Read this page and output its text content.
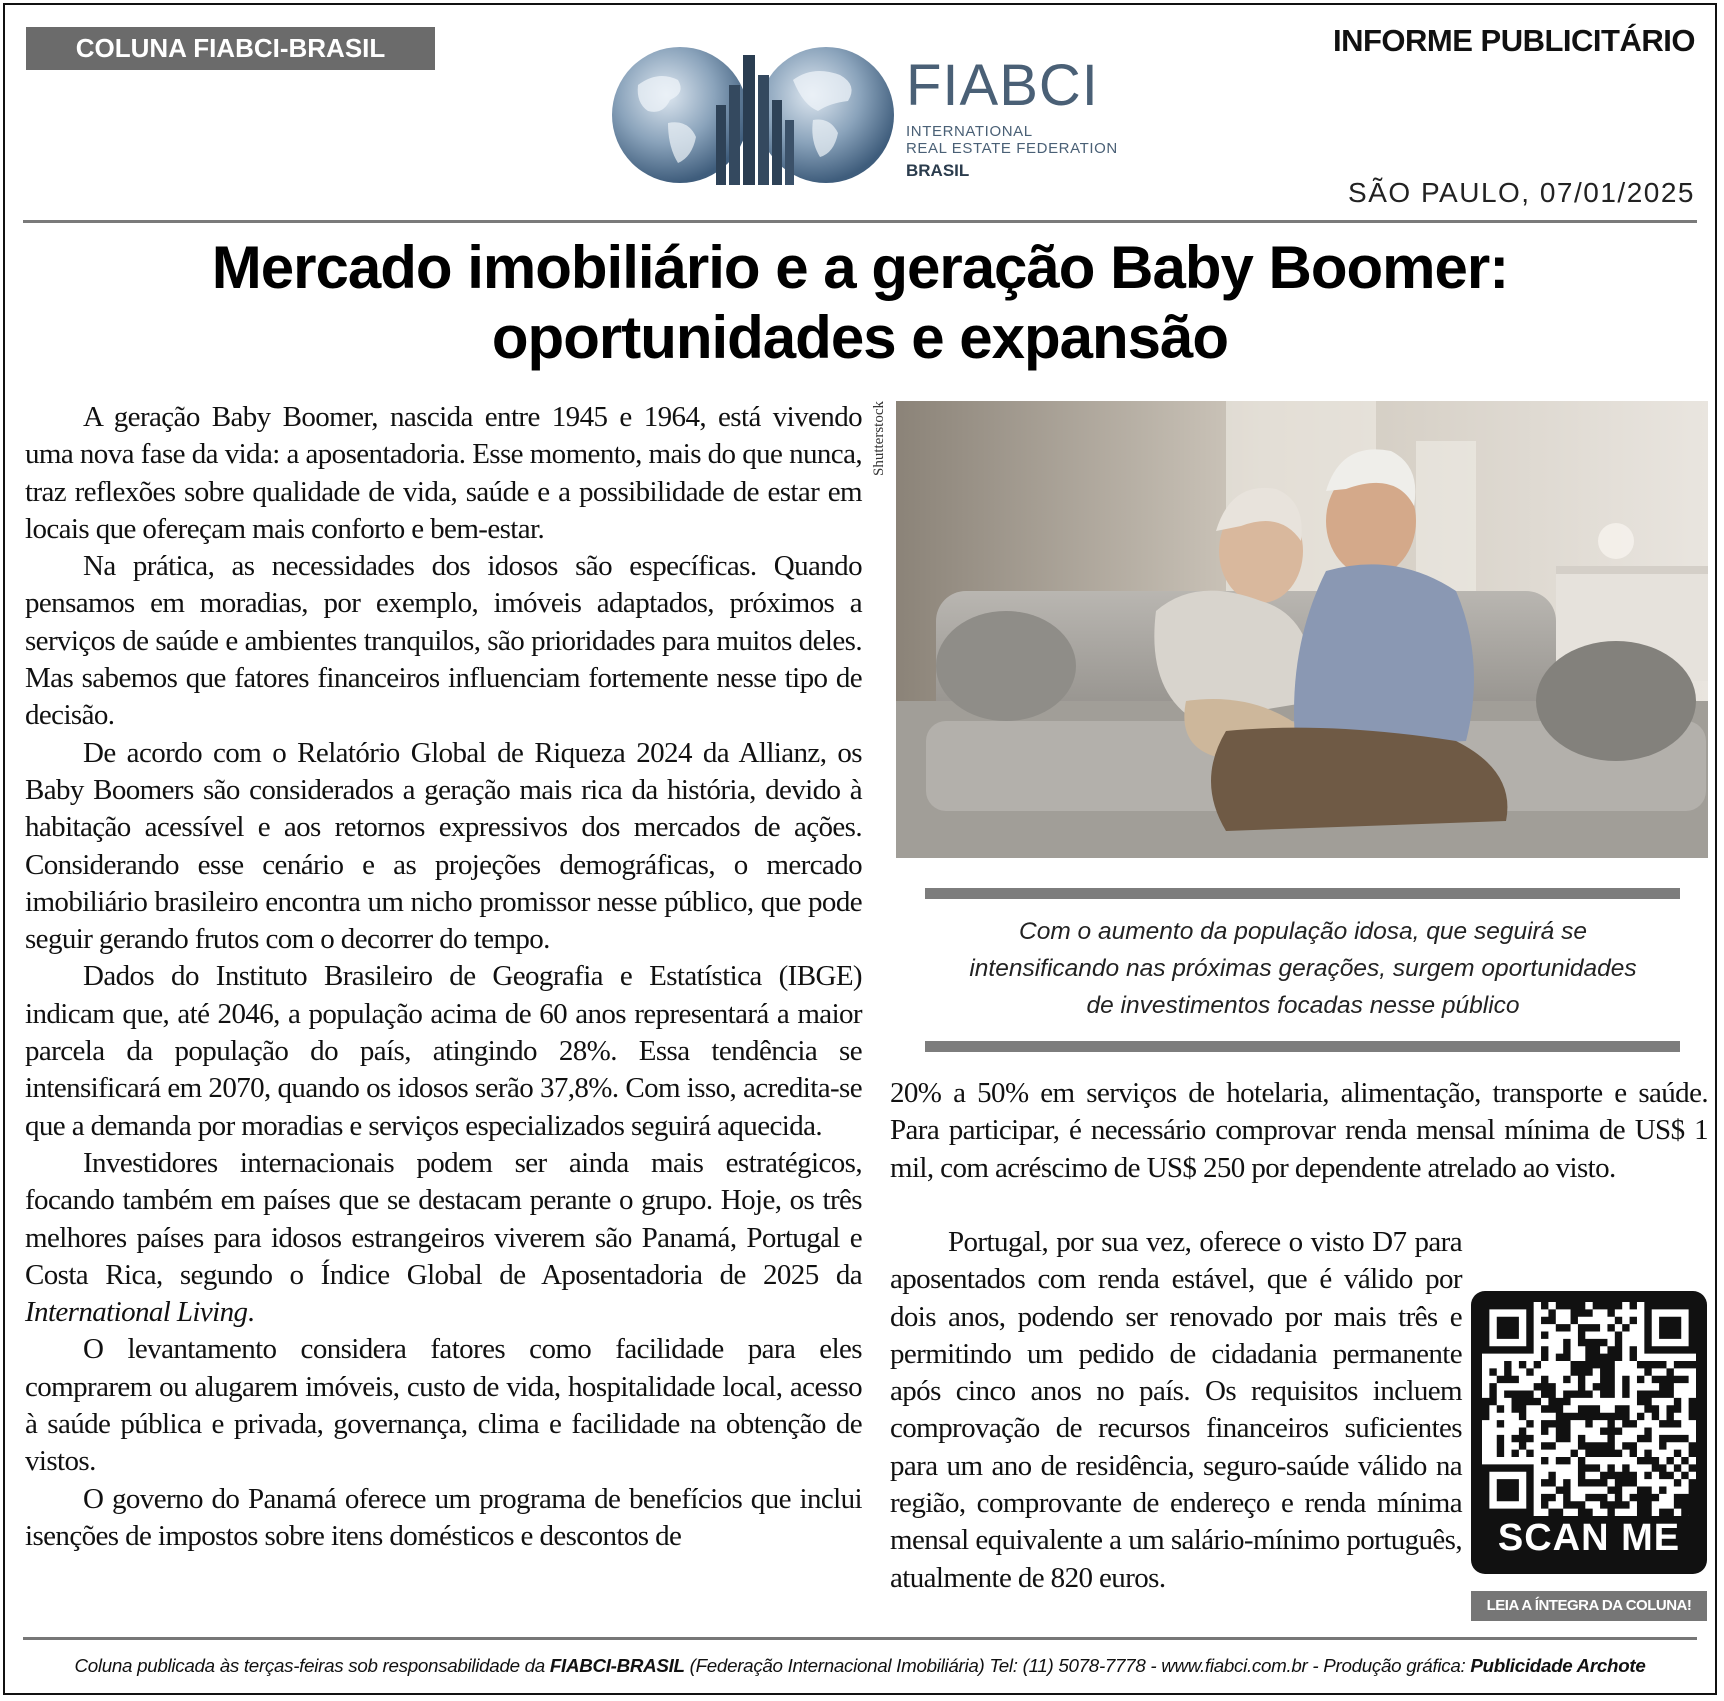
COLUNA FIABCI-BRASIL	INFORME PUBLICITÁRIO
FIABCI
INTERNATIONAL
REAL ESTATE FEDERATION
BRASIL
SÃO PAULO, 07/01/2025
Mercado imobiliário e a geração Baby Boomer:
oportunidades e expansão

A geração Baby Boomer, nascida entre 1945 e 1964, está vivendo uma nova fase da vida: a aposentadoria. Esse momento, mais do que nunca, traz reflexões sobre qualidade de vida, saúde e a possibilidade de estar em locais que ofereçam mais conforto e bem-estar.

Na prática, as necessidades dos idosos são específicas. Quando pensamos em moradias, por exemplo, imóveis adaptados, próximos a serviços de saúde e ambientes tranquilos, são prioridades para muitos deles. Mas sabemos que fatores financeiros influenciam fortemente nesse tipo de decisão.

De acordo com o Relatório Global de Riqueza 2024 da Allianz, os Baby Boomers são considerados a geração mais rica da história, devido à habitação acessível e aos retornos expressivos dos mercados de ações. Considerando esse cenário e as projeções demográficas, o mercado imobiliário brasileiro encontra um nicho promissor nesse público, que pode seguir gerando frutos com o decorrer do tempo.

Dados do Instituto Brasileiro de Geografia e Estatística (IBGE) indicam que, até 2046, a população acima de 60 anos representará a maior parcela da população do país, atingindo 28%. Essa tendência se intensificará em 2070, quando os idosos serão 37,8%. Com isso, acredita-se que a demanda por moradias e serviços especializados seguirá aquecida.

Investidores internacionais podem ser ainda mais estratégicos, focando também em países que se destacam perante o grupo. Hoje, os três melhores países para idosos estrangeiros viverem são Panamá, Portugal e Costa Rica, segundo o Índice Global de Aposentadoria de 2025 da International Living.

O levantamento considera fatores como facilidade para eles comprarem ou alugarem imóveis, custo de vida, hospitalidade local, acesso à saúde pública e privada, governança, clima e facilidade na obtenção de vistos.

O governo do Panamá oferece um programa de benefícios que inclui isenções de impostos sobre itens domésticos e descontos de

Shutterstock
Com o aumento da população idosa, que seguirá se
intensificando nas próximas gerações, surgem oportunidades
de investimentos focadas nesse público

20% a 50% em serviços de hotelaria, alimentação, transporte e saúde. Para participar, é necessário comprovar renda mensal mínima de US$ 1 mil, com acréscimo de US$ 250 por dependente atrelado ao visto.

Portugal, por sua vez, oferece o visto D7 para aposentados com renda estável, que é válido por dois anos, podendo ser renovado por mais três e permitindo um pedido de cidadania permanente após cinco anos no país. Os requisitos incluem comprovação de recursos financeiros suficientes para um ano de residência, seguro-saúde válido na região, comprovante de endereço e renda mínima mensal equivalente a um salário-mínimo português, atualmente de 820 euros.

SCAN ME
LEIA A ÍNTEGRA DA COLUNA!
Coluna publicada às terças-feiras sob responsabilidade da FIABCI-BRASIL (Federação Internacional Imobiliária) Tel: (11) 5078-7778 - www.fiabci.com.br - Produção gráfica: Publicidade Archote
